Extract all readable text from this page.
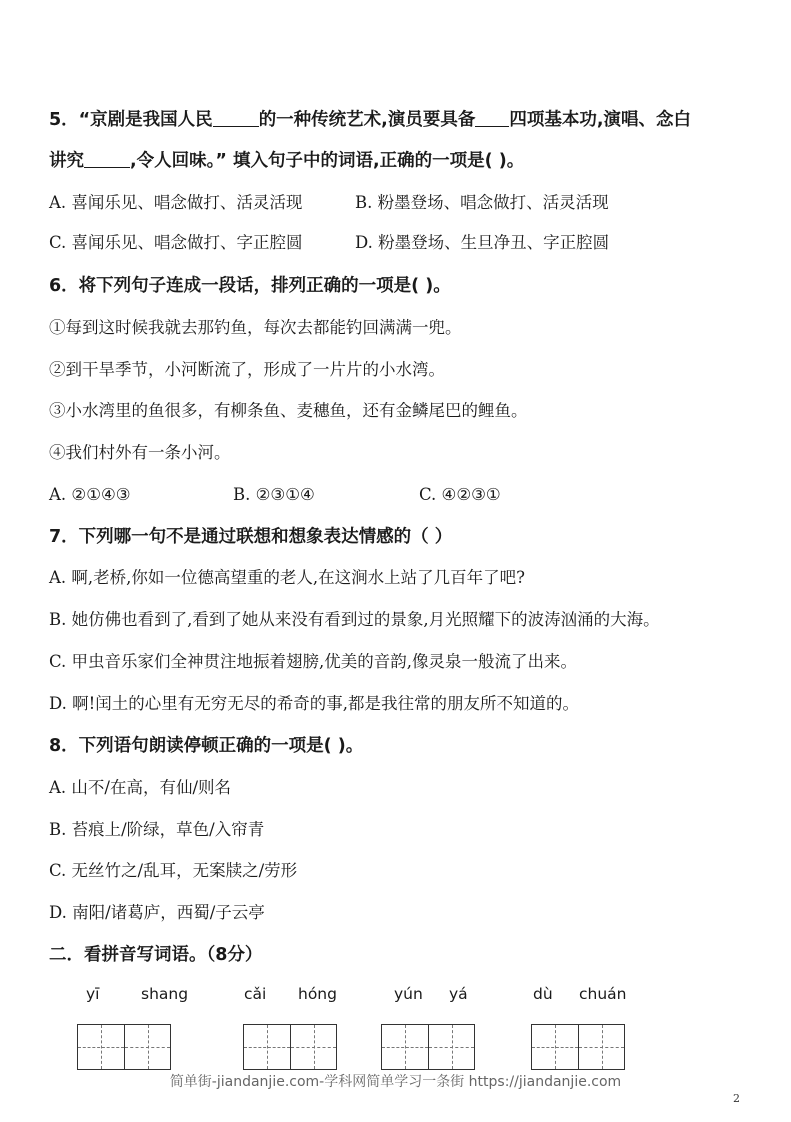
5．“京剧是我国人民	的一种传统艺术,演员要具备 四项基本功,演唱、念白
讲究	,令人回味。” 填入句子中的词语,正确的一项是( )。
A. 喜闻乐见、唱念做打、活灵活现	B. 粉墨登场、唱念做打、活灵活现
C. 喜闻乐见、唱念做打、字正腔圆	D. 粉墨登场、生旦净丑、字正腔圆
6．将下列句子连成一段话，排列正确的一项是( )。
①每到这时候我就去那钓鱼，每次去都能钓回满满一兜。
②到干旱季节，小河断流了，形成了一片片的小水湾。
③小水湾里的鱼很多，有柳条鱼、麦穗鱼，还有金鳞尾巴的鲤鱼。
④我们村外有一条小河。
A. ②①④③	B. ②③①④	C. ④②③①
7．下列哪一句不是通过联想和想象表达情感的（ ）
A. 啊,老桥,你如一位德高望重的老人,在这涧水上站了几百年了吧?
B. 她仿佛也看到了,看到了她从来没有看到过的景象,月光照耀下的波涛汹涌的大海。
C. 甲虫音乐家们全神贯注地振着翅膀,优美的音韵,像灵泉一般流了出来。
D. 啊!闰土的心里有无穷无尽的希奇的事,都是我往常的朋友所不知道的。
8．下列语句朗读停顿正确的一项是( )。
A. 山不/在高，有仙/则名
B. 苔痕上/阶绿，草色/入帘青
C. 无丝竹之/乱耳，无案牍之/劳形
D. 南阳/诸葛庐，西蜀/子云亭
二．看拼音写词语。（8分）
yī	shang	cǎi hóng	yún yá	dù chuán
简单街-jiandanjie.com-学科网简单学习一条街 https://jiandanjie.com
2
